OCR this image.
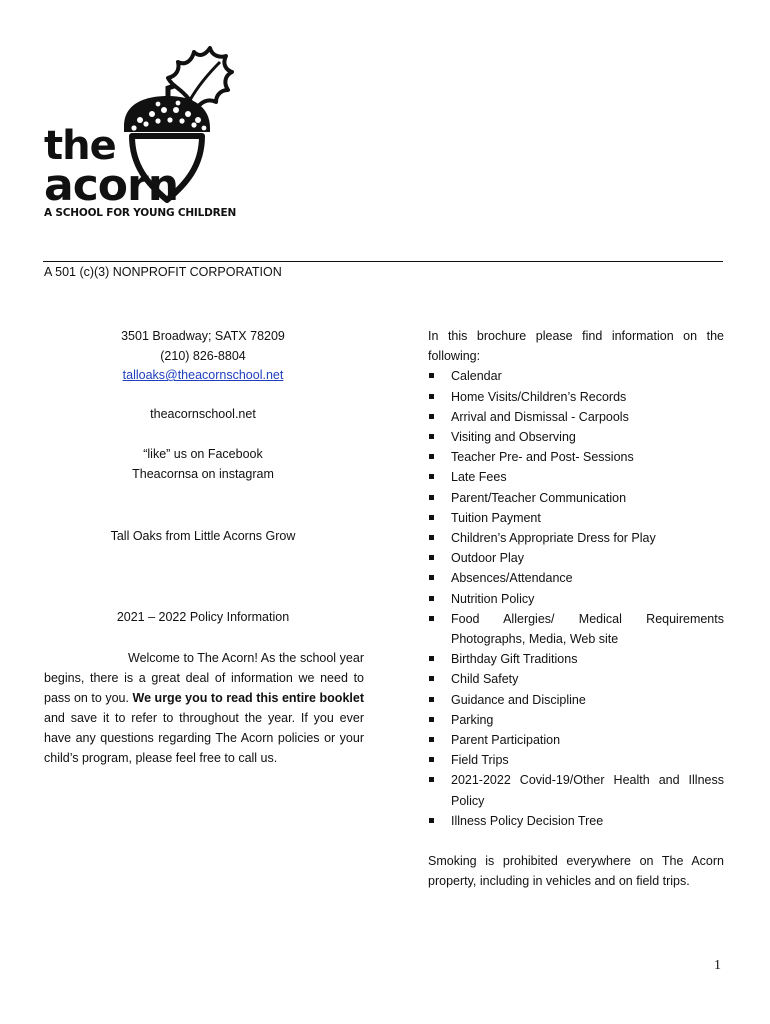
the
acorn
A SCHOOL FOR YOUNG CHILDREN
A 501 (c)(3) NONPROFIT CORPORATION
3501 Broadway; SATX 78209
(210) 826-8804
talloaks@theacornschool.net
theacornschool.net
“like” us on Facebook
Theacornsa on instagram
Tall Oaks from Little Acorns Grow
2021 – 2022 Policy Information
Welcome to The Acorn! As the school year begins, there is a great deal of information we need to pass on to you. We urge you to read this entire booklet and save it to refer to throughout the year. If you ever have any questions regarding The Acorn policies or your child’s program, please feel free to call us.
In this brochure please find information on the following:
Calendar
Home Visits/Children’s Records
Arrival and Dismissal - Carpools
Visiting and Observing
Teacher Pre- and Post- Sessions
Late Fees
Parent/Teacher Communication
Tuition Payment
Children’s Appropriate Dress for Play
Outdoor Play
Absences/Attendance
Nutrition Policy
Food Allergies/ Medical Requirements Photographs, Media, Web site
Birthday Gift Traditions
Child Safety
Guidance and Discipline
Parking
Parent Participation
Field Trips
2021-2022 Covid-19/Other Health and Illness Policy
Illness Policy Decision Tree
Smoking is prohibited everywhere on The Acorn property, including in vehicles and on field trips.
1
